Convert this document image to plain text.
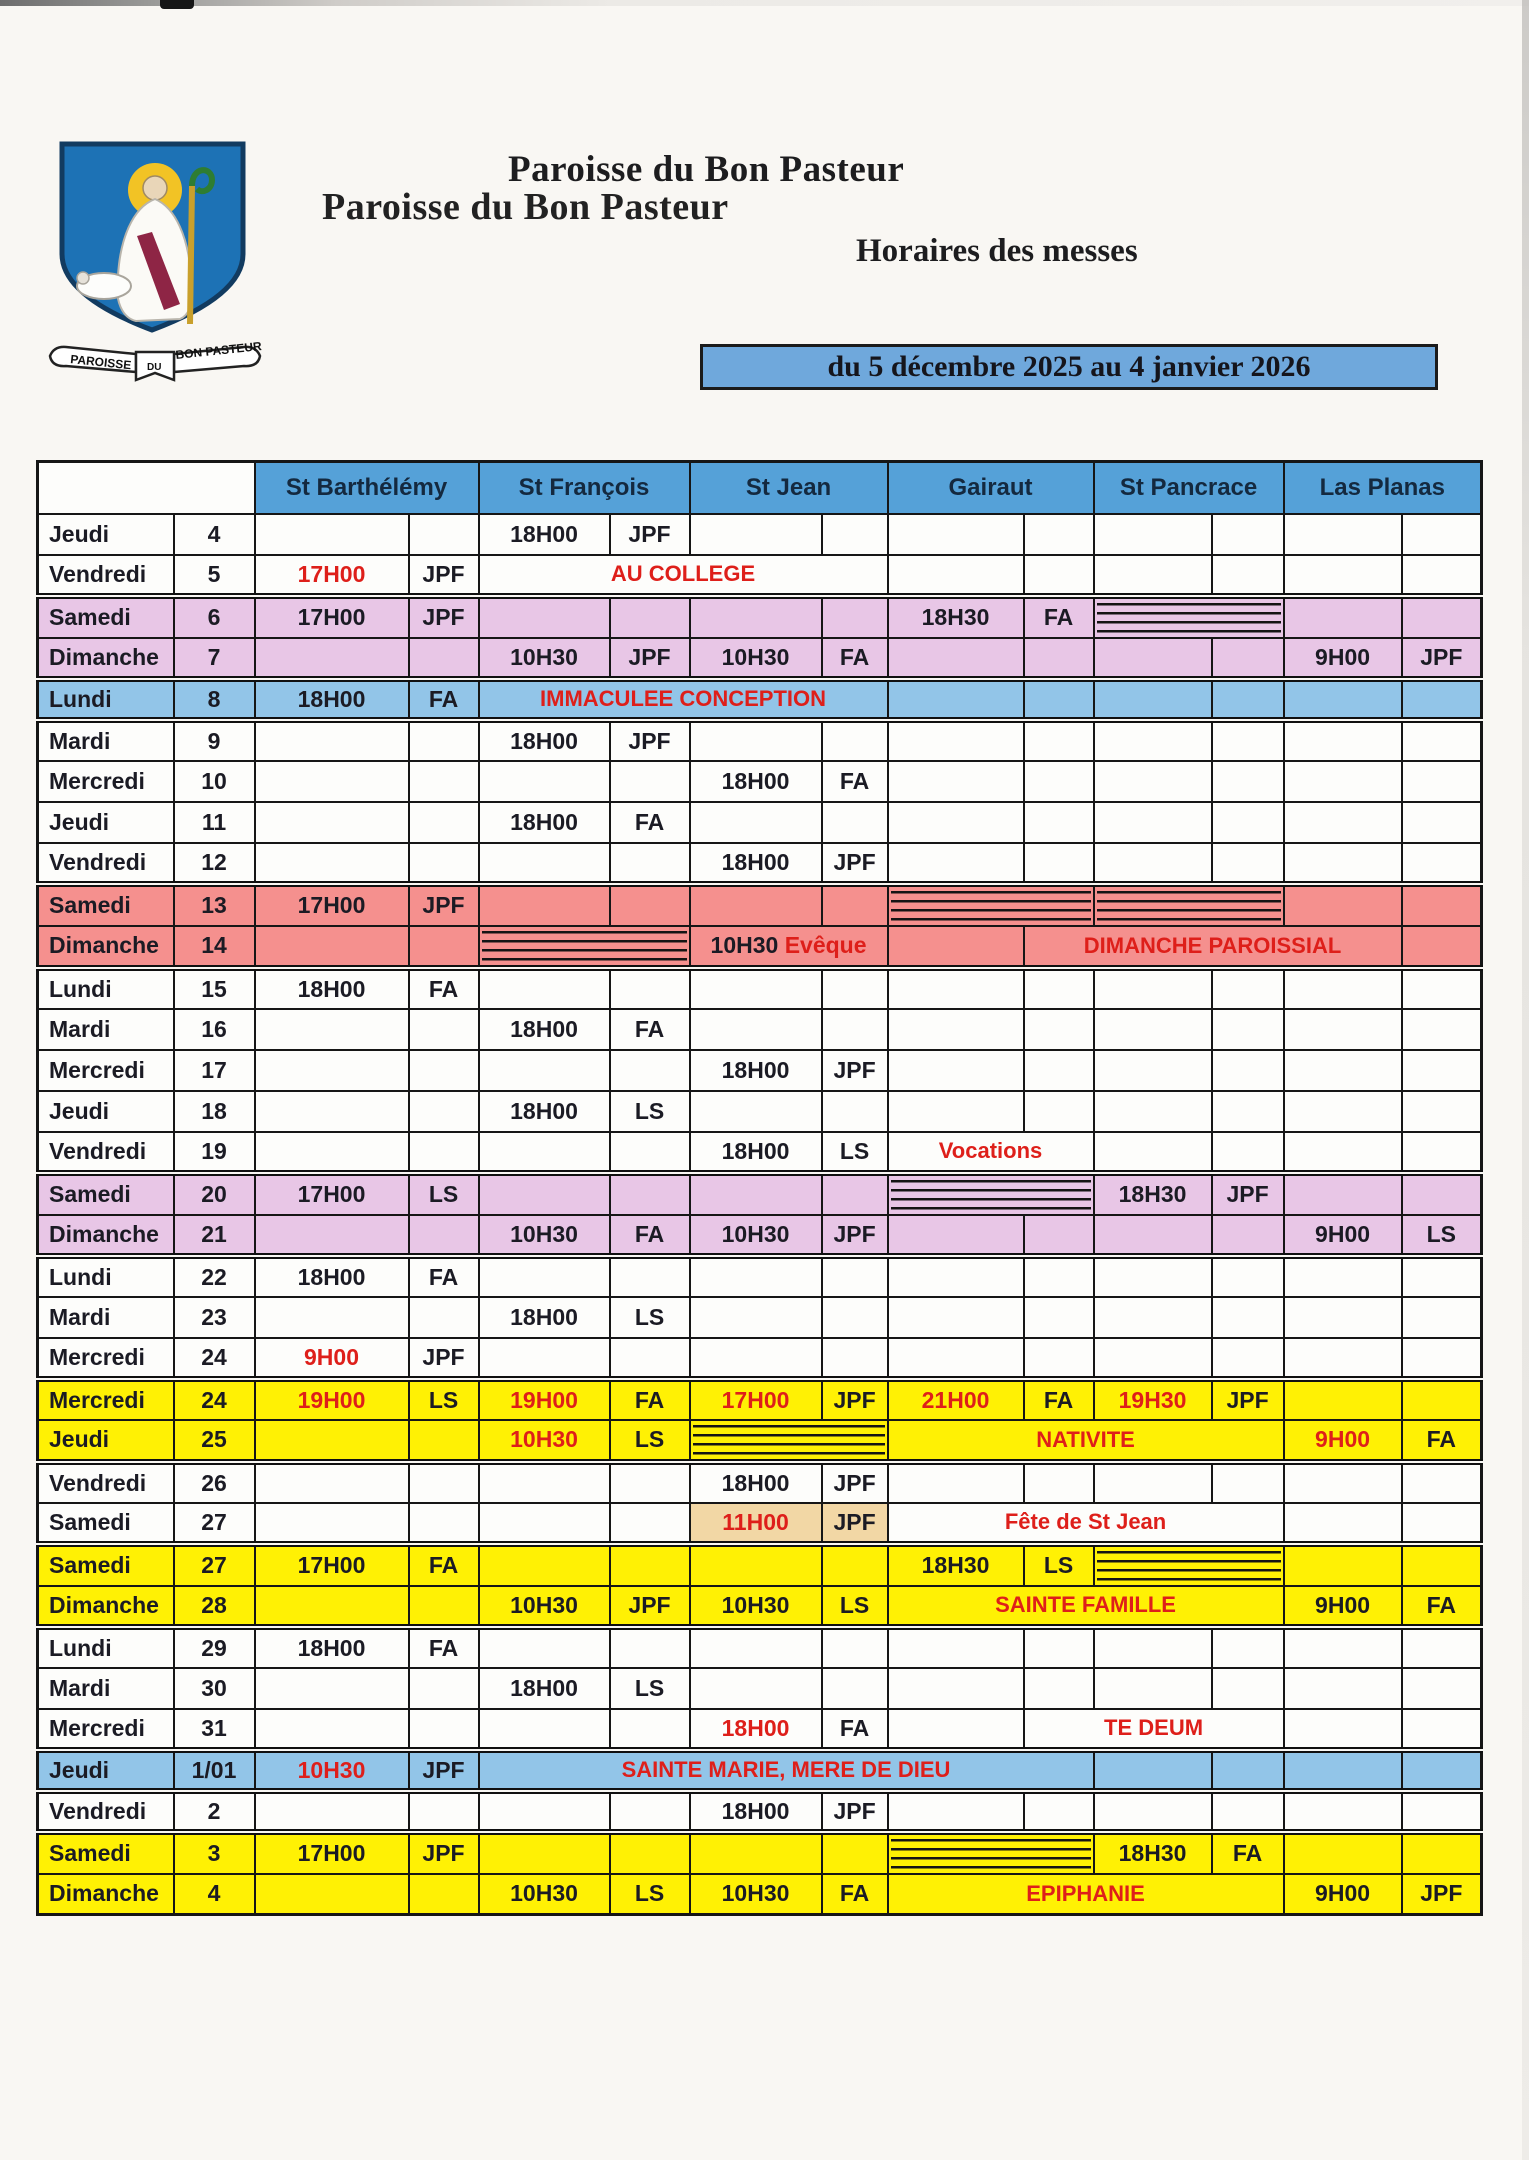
PAROISSE DU
BON PASTEUR
Paroisse du Bon Pasteur
Paroisse du Bon Pasteur
Horaires des messes
du 5 décembre 2025 au 4 janvier 2026
		St Barthélémy		St François		St Jean		Gairaut		St Pancrace		Las Planas	
Jeudi	4			18H00	JPF								
Vendredi	5	17H00	JPF	AU COLLEGE									
Samedi	6	17H00	JPF					18H30	FA		

Dimanche	7			10H30	JPF	10H30	FA					9H00	JPF
Lundi	8	18H00	FA	IMMACULEE CONCEPTION									
Mardi	9			18H00	JPF								
Mercredi	10					18H00	FA						
Jeudi	11			18H00	FA								
Vendredi	12					18H00	JPF						
Samedi	13	17H00	JPF							

Dimanche	14					10H30 Evêque			DIMANCHE PAROISSIAL				
Lundi	15	18H00	FA										
Mardi	16			18H00	FA								
Mercredi	17					18H00	JPF						
Jeudi	18			18H00	LS								
Vendredi	19					18H00	LS	Vocations					
Samedi	20	17H00	LS							18H30	JPF		
Dimanche	21			10H30	FA	10H30	JPF					9H00	LS
Lundi	22	18H00	FA										
Mardi	23			18H00	LS								
Mercredi	24	9H00	JPF										
Mercredi	24	19H00	LS	19H00	FA	17H00	JPF	21H00	FA	19H30	JPF		
Jeudi	25			10H30	LS			NATIVITE				9H00	FA
Vendredi	26					18H00	JPF						
Samedi	27					11H00	JPF	Fête de St Jean					
Samedi	27	17H00	FA					18H30	LS		

Dimanche	28			10H30	JPF	10H30	LS	SAINTE FAMILLE				9H00	FA
Lundi	29	18H00	FA										
Mardi	30			18H00	LS								
Mercredi	31					18H00	FA		TE DEUM				
Jeudi	1/01	10H30	JPF	SAINTE MARIE, MERE DE DIEU									
Vendredi	2					18H00	JPF						
Samedi	3	17H00	JPF							18H30	FA		
Dimanche	4			10H30	LS	10H30	FA	EPIPHANIE				9H00	JPF
